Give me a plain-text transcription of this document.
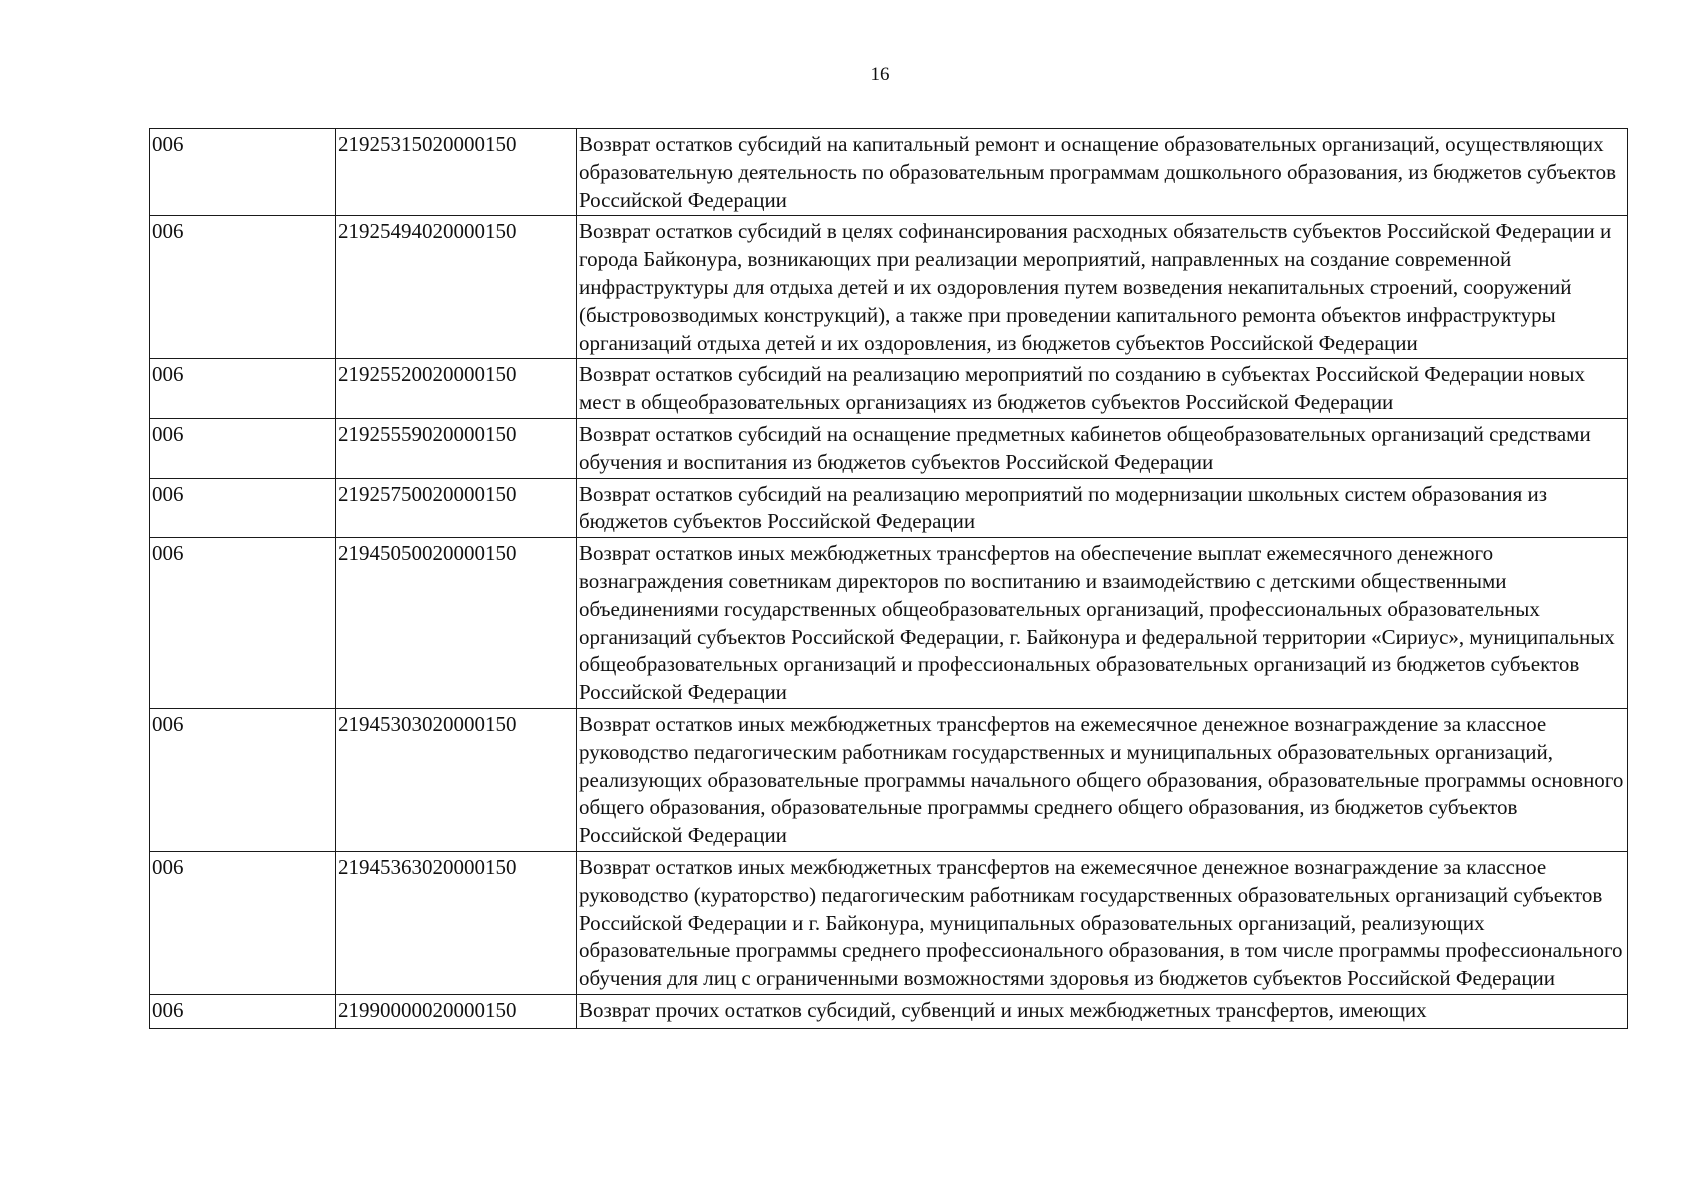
16
006	21925315020000150	Возврат остатков субсидий на капитальный ремонт и оснащение образовательных организаций, осуществляющих образовательную деятельность по образовательным программам дошкольного образования, из бюджетов субъектов Российской Федерации
006	21925494020000150	Возврат остатков субсидий в целях софинансирования расходных обязательств субъектов Российской Федерации и города Байконура, возникающих при реализации мероприятий, направленных на создание современной инфраструктуры для отдыха детей и их оздоровления путем возведения некапитальных строений, сооружений (быстровозводимых конструкций), а также при проведении капитального ремонта объектов инфраструктуры организаций отдыха детей и их оздоровления, из бюджетов субъектов Российской Федерации
006	21925520020000150	Возврат остатков субсидий на реализацию мероприятий по созданию в субъектах Российской Федерации новых мест в общеобразовательных организациях из бюджетов субъектов Российской Федерации
006	21925559020000150	Возврат остатков субсидий на оснащение предметных кабинетов общеобразовательных организаций средствами обучения и воспитания из бюджетов субъектов Российской Федерации
006	21925750020000150	Возврат остатков субсидий на реализацию мероприятий по модернизации школьных систем образования из бюджетов субъектов Российской Федерации
006	21945050020000150	Возврат остатков иных межбюджетных трансфертов на обеспечение выплат ежемесячного денежного вознаграждения советникам директоров по воспитанию и взаимодействию с детскими общественными объединениями государственных общеобразовательных организаций, профессиональных образовательных организаций субъектов Российской Федерации, г. Байконура и федеральной территории «Сириус», муниципальных общеобразовательных организаций и профессиональных образовательных организаций из бюджетов субъектов Российской Федерации
006	21945303020000150	Возврат остатков иных межбюджетных трансфертов на ежемесячное денежное вознаграждение за классное руководство педагогическим работникам государственных и муниципальных образовательных организаций, реализующих образовательные программы начального общего образования, образовательные программы основного общего образования, образовательные программы среднего общего образования, из бюджетов субъектов Российской Федерации
006	21945363020000150	Возврат остатков иных межбюджетных трансфертов на ежемесячное денежное вознаграждение за классное руководство (кураторство) педагогическим работникам государственных образовательных организаций субъектов Российской Федерации и г. Байконура, муниципальных образовательных организаций, реализующих образовательные программы среднего профессионального образования, в том числе программы профессионального обучения для лиц с ограниченными возможностями здоровья из бюджетов субъектов Российской Федерации
006	21990000020000150	Возврат прочих остатков субсидий, субвенций и иных межбюджетных трансфертов, имеющих
